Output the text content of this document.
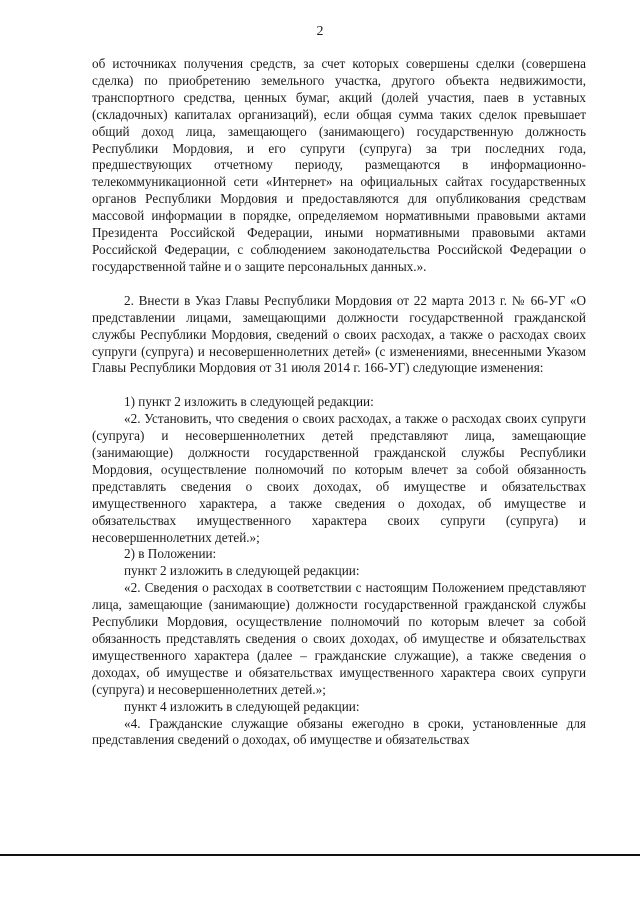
2

об источниках получения средств, за счет которых совершены сделки (совершена сделка) по приобретению земельного участка, другого объекта недвижимости, транспортного средства, ценных бумаг, акций (долей участия, паев в уставных (складочных) капиталах организаций), если общая сумма таких сделок превышает общий доход лица, замещающего (занимающего) государственную должность Республики Мордовия, и его супруги (супруга) за три последних года, предшествующих отчетному периоду, размещаются в информационно-телекоммуникационной сети «Интернет» на официальных сайтах государственных органов Республики Мордовия и предоставляются для опубликования средствам массовой информации в порядке, определяемом нормативными правовыми актами Президента Российской Федерации, иными нормативными правовыми актами Российской Федерации, с соблюдением законодательства Российской Федерации о государственной тайне и о защите персональных данных.».

2. Внести в Указ Главы Республики Мордовия от 22 марта 2013 г. № 66-УГ «О представлении лицами, замещающими должности государственной гражданской службы Республики Мордовия, сведений о своих расходах, а также о расходах своих супруги (супруга) и несовершеннолетних детей» (с изменениями, внесенными Указом Главы Республики Мордовия от 31 июля 2014 г. 166-УГ) следующие изменения:

1) пункт 2 изложить в следующей редакции:

«2. Установить, что сведения о своих расходах, а также о расходах своих супруги (супруга) и несовершеннолетних детей представляют лица, замещающие (занимающие) должности государственной гражданской службы Республики Мордовия, осуществление полномочий по которым влечет за собой обязанность представлять сведения о своих доходах, об имуществе и обязательствах имущественного характера, а также сведения о доходах, об имуществе и обязательствах имущественного характера своих супруги (супруга) и несовершеннолетних детей.»;

2) в Положении:

пункт 2 изложить в следующей редакции:

«2. Сведения о расходах в соответствии с настоящим Положением представляют лица, замещающие (занимающие) должности государственной гражданской службы Республики Мордовия, осуществление полномочий по которым влечет за собой обязанность представлять сведения о своих доходах, об имуществе и обязательствах имущественного характера (далее – гражданские служащие), а также сведения о доходах, об имуществе и обязательствах имущественного характера своих супруги (супруга) и несовершеннолетних детей.»;

пункт 4 изложить в следующей редакции:

«4. Гражданские служащие обязаны ежегодно в сроки, установленные для представления сведений о доходах, об имуществе и обязательствах
